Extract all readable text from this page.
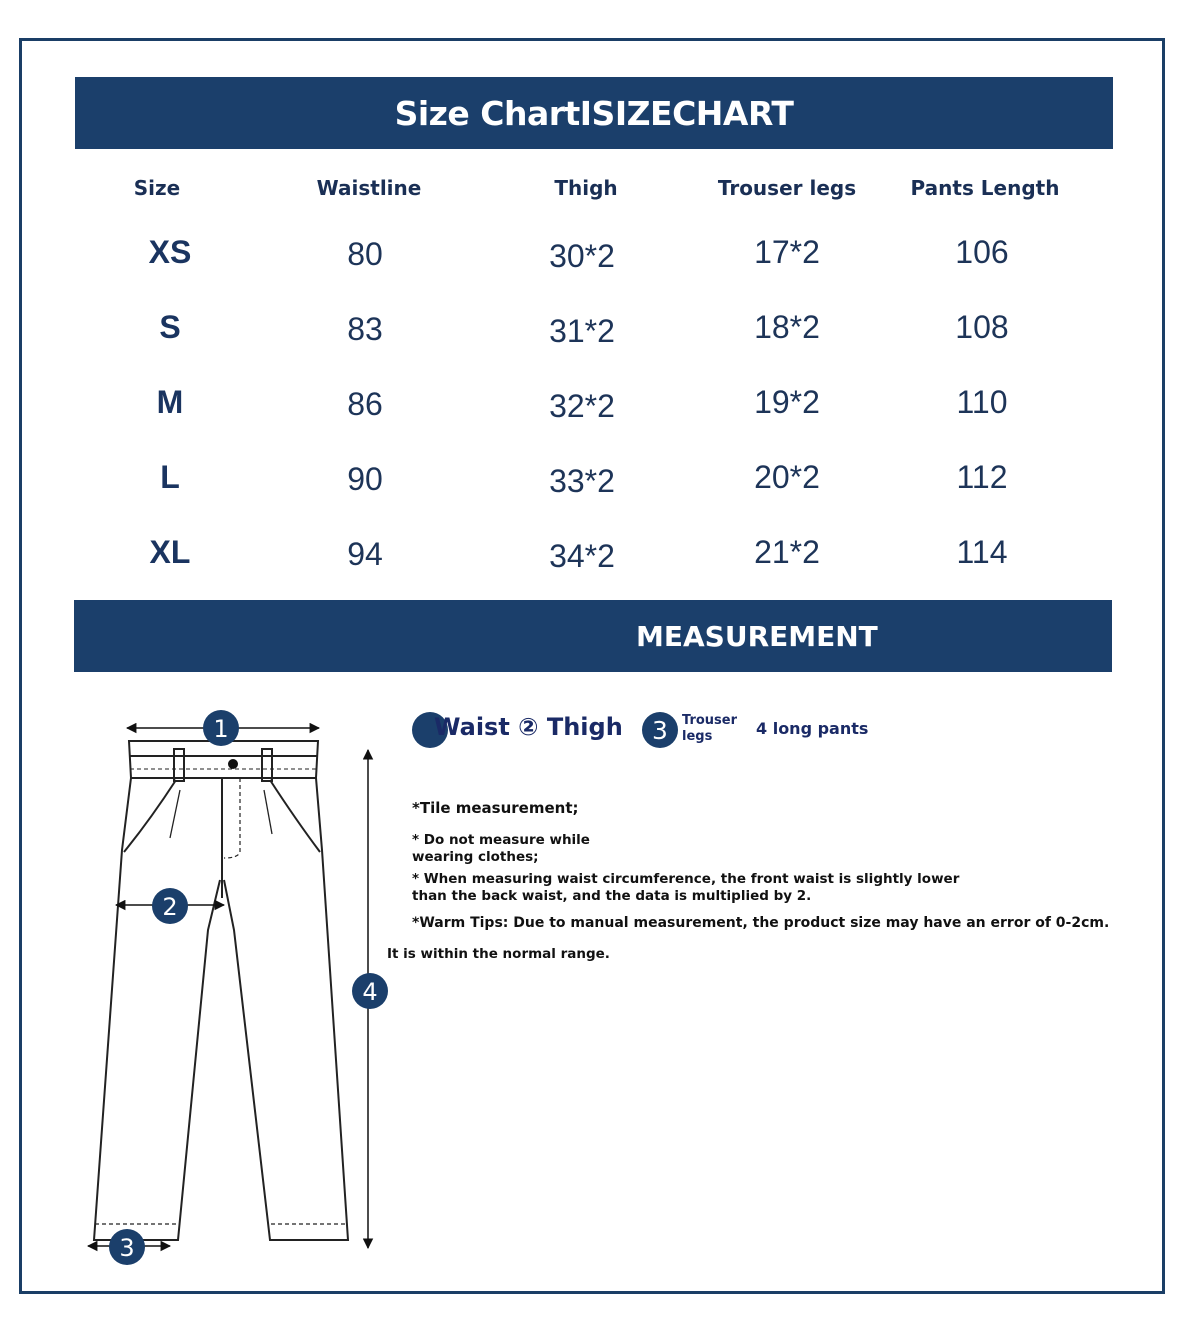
Size ChartISIZECHART
Size	Waistline	Thigh	Trouser legs	Pants Length
XS	80	30*2	17*2	106
S	83	31*2	18*2	108
M	86	32*2	19*2	110
L	90	33*2	20*2	112
XL	94	34*2	21*2	114
MEASUREMENT
Waist ② Thigh	3	Trouser
legs	4 long pants
*Tile measurement;
* Do not measure while
wearing clothes;
* When measuring waist circumference, the front waist is slightly lower
than the back waist, and the data is multiplied by 2.
*Warm Tips: Due to manual measurement, the product size may have an error of 0-2cm.
It is within the normal range.
1
2
3
4
